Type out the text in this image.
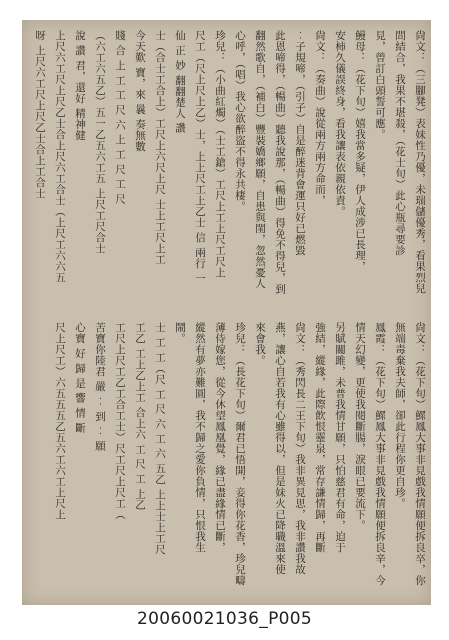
尙文：（三腳凳）表妹性乃優，未瑞儲優秀，看果烈兒
問結合，我果不堪殺，（花士旬）此心瓶尋要診
見，曾訂白頭誓可應。
鰻母：（花下旬）嬉我當多疑，伊人成涉已長理，
安柿久儀誤終身，看我讓表依親依責。
尙文：（奏曲）說從兩方兩方命而，
︰子規啼，（引子）自是醉迷背會運只好已燃毀
此恩啼得，（暢曲）聽我說那，（暢曲）得免不得兒，到
翻然歌自，（補白）豐裝嬌鄉願，自患與閨，忽然憂人
心呼，（唱）我心欲醉盜不得永共棲。
珍兒：（小曲紅燭）（士工鎗）工尺上工上尺工尺上
尺工（尺上尺上乙）士，上上尺工上乙士 信 兩行 一
仙 正 妙 翻翻楚人 讚
士（合士工合上）工尺上六尺上尺 士上工尺上工
今天歎 寶，來 曩 奏無數
賤 合 上 工 工 尺 六 上 工 尺 工 尺
（六工六五乙）五一乙五六工五 上尺工尺合士
說 讚 君，還好 精神健
上尺六工尺上尺乙士合上尺六工合士（上尺工六六五
呀 上尺六工尺上尺乙士合上工合士
尙文：（花下旬）鰥鳳大事非見戲我情願便拆良卒，你
無端毒棄我夫師，卻此行程你更自珍。
鳳霞：（花下旬）鰥鳳大事非見戲我情願便拆良辛，今
情天幻變，更使我閱斷腸，淚眼已要流下。
另賦關雎，未普我情甘願，只怕慈君有命，迫于
強結，縱緣，此際飲恨靈泉，常存謙情歸，再斷
尙文：（秀閃長二王下旬）我非異見思，我非讚我故
燕，讓心自若我有心雖得以，但是妹火已降職溫來使
來會我。
珍兒：（長花下旬）爾君已悟開，妾得你花香，珍兒疇
薄侍嫁您，從今休望鳳凰覺，緣已盡緣情已斷，
縱然有夢亦難圓，我不歸之愛你負情，只恨我生
鬧。
士 工 工（尺 工 尺 六 工 六 五乙 上上士上工尺
工乙 工上乙上工 合上六 工 尺 工 上乙
工尺上尺工乙工合工士）尺工尺上尺工（
苦寶你陸君 嚴 ︰ 到 ︰ 願
心寶 好 歸 是 響 情 斷
尺上尺工）六五五五乙五六工六工上尺上
20060021036_P005
